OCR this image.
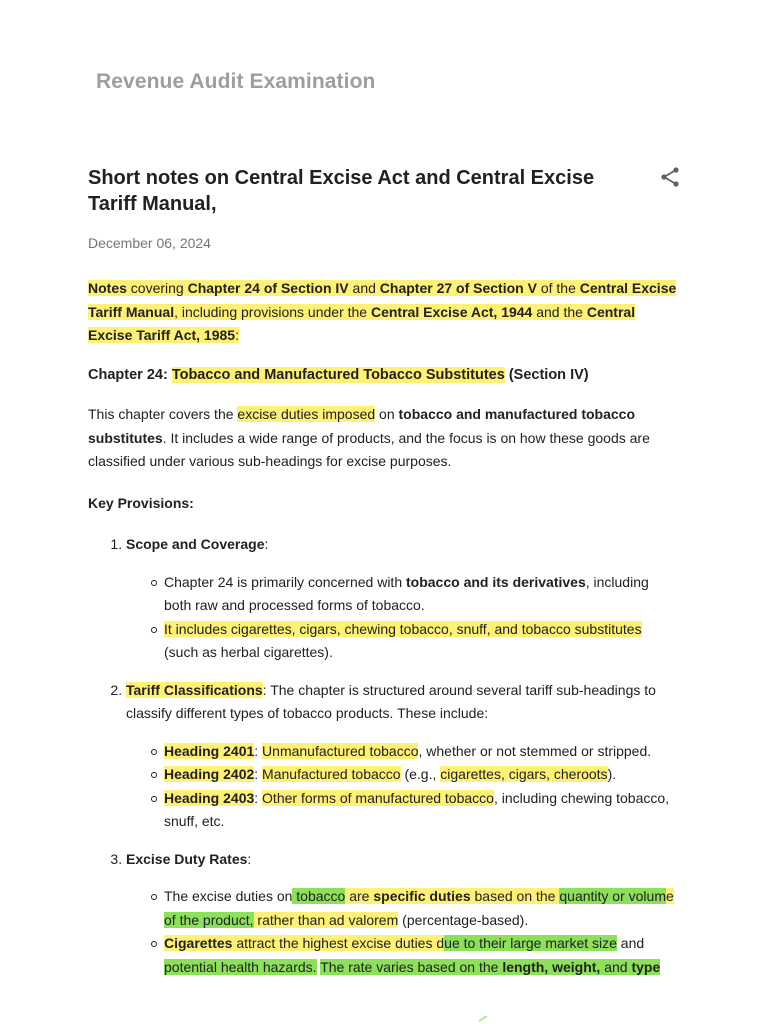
Revenue Audit Examination
Short notes on Central Excise Act and Central Excise Tariff Manual,
December 06, 2024

Notes covering Chapter 24 of Section IV and Chapter 27 of Section V of the Central Excise Tariff Manual, including provisions under the Central Excise Act, 1944 and the Central Excise Tariff Act, 1985:

Chapter 24: Tobacco and Manufactured Tobacco Substitutes (Section IV)

This chapter covers the excise duties imposed on tobacco and manufactured tobacco substitutes. It includes a wide range of products, and the focus is on how these goods are classified under various sub-headings for excise purposes.

Key Provisions:

1. Scope and Coverage:
Chapter 24 is primarily concerned with tobacco and its derivatives, including both raw and processed forms of tobacco.
It includes cigarettes, cigars, chewing tobacco, snuff, and tobacco substitutes (such as herbal cigarettes).
2. Tariff Classifications: The chapter is structured around several tariff sub-headings to classify different types of tobacco products. These include:
Heading 2401: Unmanufactured tobacco, whether or not stemmed or stripped.
Heading 2402: Manufactured tobacco (e.g., cigarettes, cigars, cheroots).
Heading 2403: Other forms of manufactured tobacco, including chewing tobacco, snuff, etc.
3. Excise Duty Rates:
The excise duties on tobacco are specific duties based on the quantity or volume of the product, rather than ad valorem (percentage-based).
Cigarettes attract the highest excise duties due to their large market size and potential health hazards. The rate varies based on the length, weight, and type
